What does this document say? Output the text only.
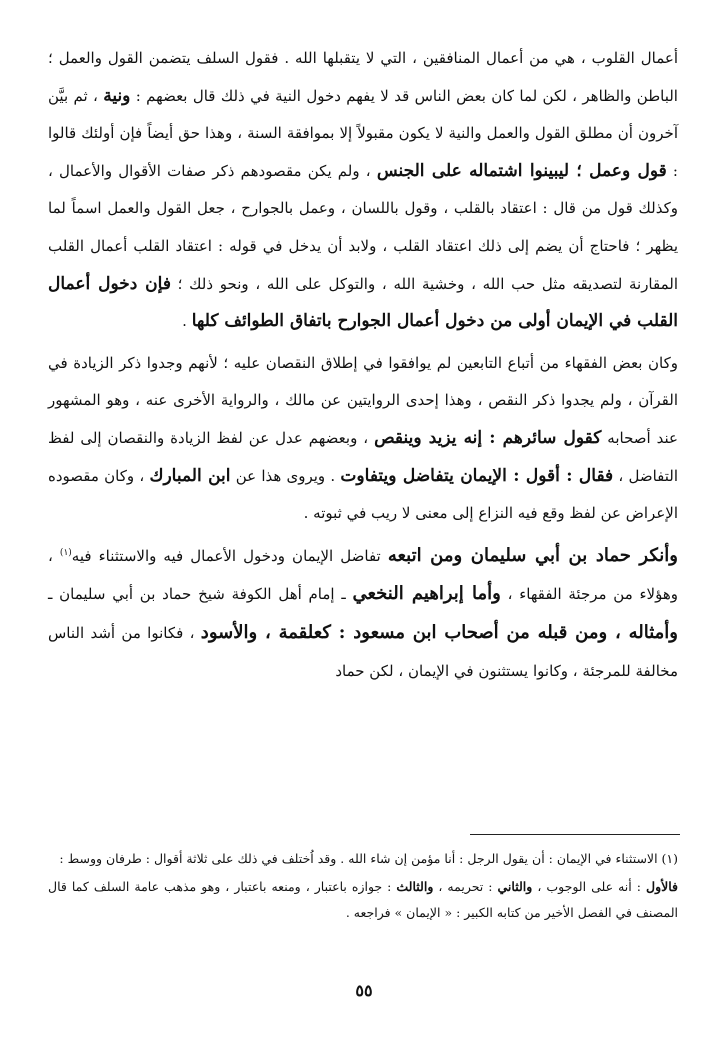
أعمال القلوب ، هي من أعمال المنافقين ، التي لا يتقبلها الله . فقول السلف يتضمن القول والعمل ؛ الباطن والظاهر ، لكن لما كان بعض الناس قد لا يفهم دخول النية في ذلك قال بعضهم : ونية ، ثم بيَّن آخرون أن مطلق القول والعمل والنية لا يكون مقبولاً إلا بموافقة السنة ، وهذا حق أيضاً فإن أولئك قالوا : قول وعمل ؛ ليبينوا اشتماله على الجنس ، ولم يكن مقصودهم ذكر صفات الأقوال والأعمال ، وكذلك قول من قال : اعتقاد بالقلب ، وقول باللسان ، وعمل بالجوارح ، جعل القول والعمل اسماً لما يظهر ؛ فاحتاج أن يضم إلى ذلك اعتقاد القلب ، ولابد أن يدخل في قوله : اعتقاد القلب أعمال القلب المقارنة لتصديقه مثل حب الله ، وخشية الله ، والتوكل على الله ، ونحو ذلك ؛ فإن دخول أعمال القلب في الإيمان أولى من دخول أعمال الجوارح باتفاق الطوائف كلها .

وكان بعض الفقهاء من أتباع التابعين لم يوافقوا في إطلاق النقصان عليه ؛ لأنهم وجدوا ذكر الزيادة في القرآن ، ولم يجدوا ذكر النقص ، وهذا إحدى الروايتين عن مالك ، والرواية الأخرى عنه ، وهو المشهور عند أصحابه كقول سائرهم : إنه يزيد وينقص ، وبعضهم عدل عن لفظ الزيادة والنقصان إلى لفظ التفاضل ، فقال : أقول : الإيمان يتفاضل ويتفاوت . ويروى هذا عن ابن المبارك ، وكان مقصوده الإعراض عن لفظ وقع فيه النزاع إلى معنى لا ريب في ثبوته .

وأنكر حماد بن أبي سليمان ومن اتبعه تفاضل الإيمان ودخول الأعمال فيه والاستثناء فيه$^{(١)}$ ، وهؤلاء من مرجئة الفقهاء ، وأما إبراهيم النخعي ـ إمام أهل الكوفة شيخ حماد بن أبي سليمان ـ وأمثاله ، ومن قبله من أصحاب ابن مسعود : كعلقمة ، والأسود ، فكانوا من أشد الناس مخالفة للمرجئة ، وكانوا يستثنون في الإيمان ، لكن حماد

(١) الاستثناء في الإيمان : أن يقول الرجل : أنا مؤمن إن شاء الله . وقد اُختلف في ذلك على ثلاثة أقوال : طرفان ووسط :

فالأول : أنه على الوجوب ، والثاني : تحريمه ، والثالث : جوازه باعتبار ، ومنعه باعتبار ، وهو مذهب عامة السلف كما قال المصنف في الفصل الأخير من كتابه الكبير : « الإيمان » فراجعه .

٥٥
